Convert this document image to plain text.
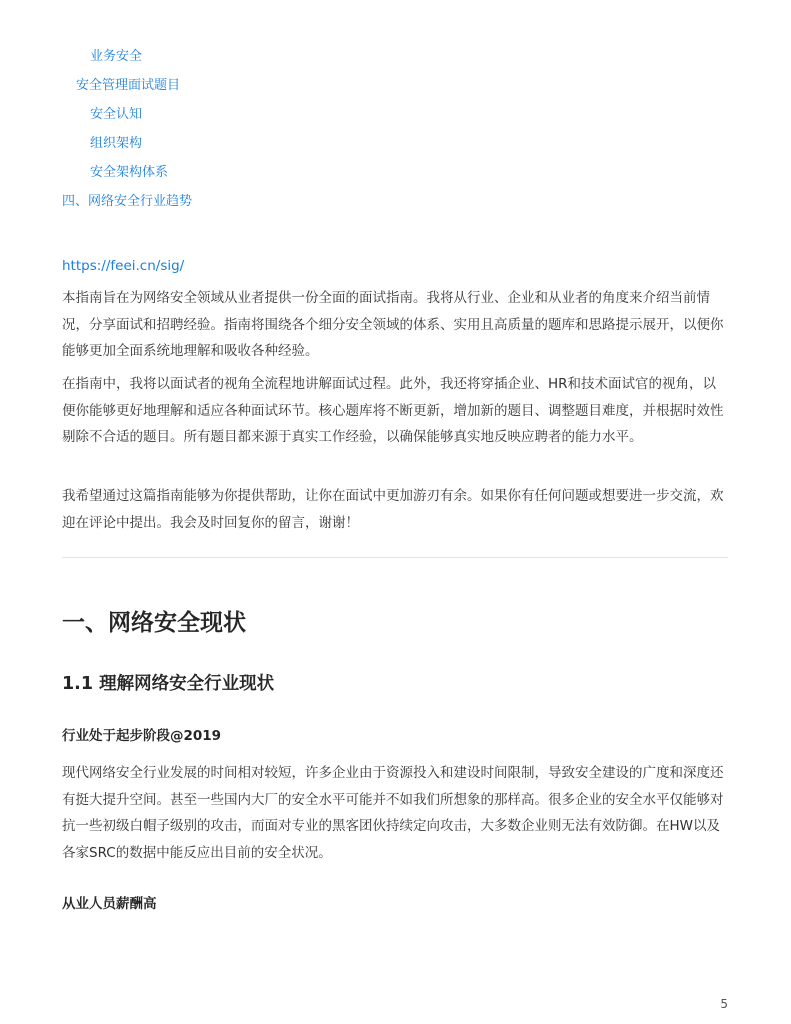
业务安全
安全管理面试题目
安全认知
组织架构
安全架构体系
四、网络安全行业趋势
https://feei.cn/sig/

本指南旨在为网络安全领域从业者提供一份全面的面试指南。我将从行业、企业和从业者的角度来介绍当前情况，分享面试和招聘经验。指南将围绕各个细分安全领域的体系、实用且高质量的题库和思路提示展开，以便你能够更加全面系统地理解和吸收各种经验。

在指南中，我将以面试者的视角全流程地讲解面试过程。此外，我还将穿插企业、HR和技术面试官的视角，以便你能够更好地理解和适应各种面试环节。核心题库将不断更新，增加新的题目、调整题目难度，并根据时效性剔除不合适的题目。所有题目都来源于真实工作经验，以确保能够真实地反映应聘者的能力水平。

我希望通过这篇指南能够为你提供帮助，让你在面试中更加游刃有余。如果你有任何问题或想要进一步交流，欢迎在评论中提出。我会及时回复你的留言，谢谢！

一、网络安全现状
1.1 理解网络安全行业现状
行业处于起步阶段@2019

现代网络安全行业发展的时间相对较短，许多企业由于资源投入和建设时间限制，导致安全建设的广度和深度还有挺大提升空间。甚至一些国内大厂的安全水平可能并不如我们所想象的那样高。很多企业的安全水平仅能够对抗一些初级白帽子级别的攻击，而面对专业的黑客团伙持续定向攻击，大多数企业则无法有效防御。在HW以及各家SRC的数据中能反应出目前的安全状况。

从业人员薪酬高
5
